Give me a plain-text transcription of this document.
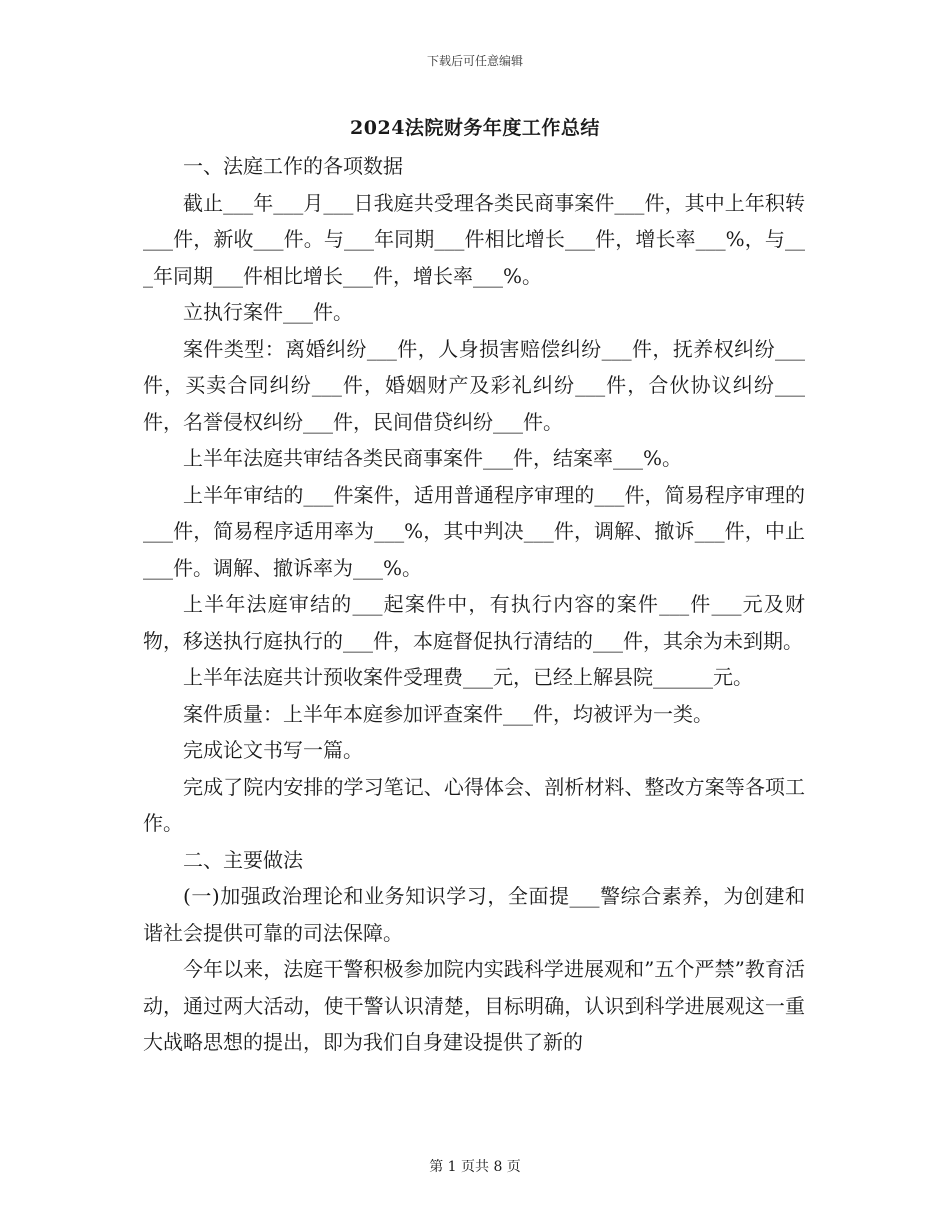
下载后可任意编辑
2024法院财务年度工作总结

一、法庭工作的各项数据

截止___年___月___日我庭共受理各类民商事案件___件，其中上年积转___件，新收___件。与___年同期___件相比增长___件，增长率___%，与___年同期___件相比增长___件，增长率___%。

立执行案件___件。

案件类型：离婚纠纷___件，人身损害赔偿纠纷___件，抚养权纠纷___件，买卖合同纠纷___件，婚姻财产及彩礼纠纷___件，合伙协议纠纷___件，名誉侵权纠纷___件，民间借贷纠纷___件。

上半年法庭共审结各类民商事案件___件，结案率___%。

上半年审结的___件案件，适用普通程序审理的___件，简易程序审理的___件，简易程序适用率为___%，其中判决___件，调解、撤诉___件，中止___件。调解、撤诉率为___%。

上半年法庭审结的___起案件中，有执行内容的案件___件___元及财物，移送执行庭执行的___件，本庭督促执行清结的___件，其余为未到期。

上半年法庭共计预收案件受理费___元，已经上解县院______元。

案件质量：上半年本庭参加评查案件___件，均被评为一类。

完成论文书写一篇。

完成了院内安排的学习笔记、心得体会、剖析材料、整改方案等各项工作。

二、主要做法

(一)加强政治理论和业务知识学习，全面提___警综合素养，为创建和谐社会提供可靠的司法保障。

今年以来，法庭干警积极参加院内实践科学进展观和”五个严禁”教育活动，通过两大活动，使干警认识清楚，目标明确，认识到科学进展观这一重大战略思想的提出，即为我们自身建设提供了新的

第 1 页共 8 页
